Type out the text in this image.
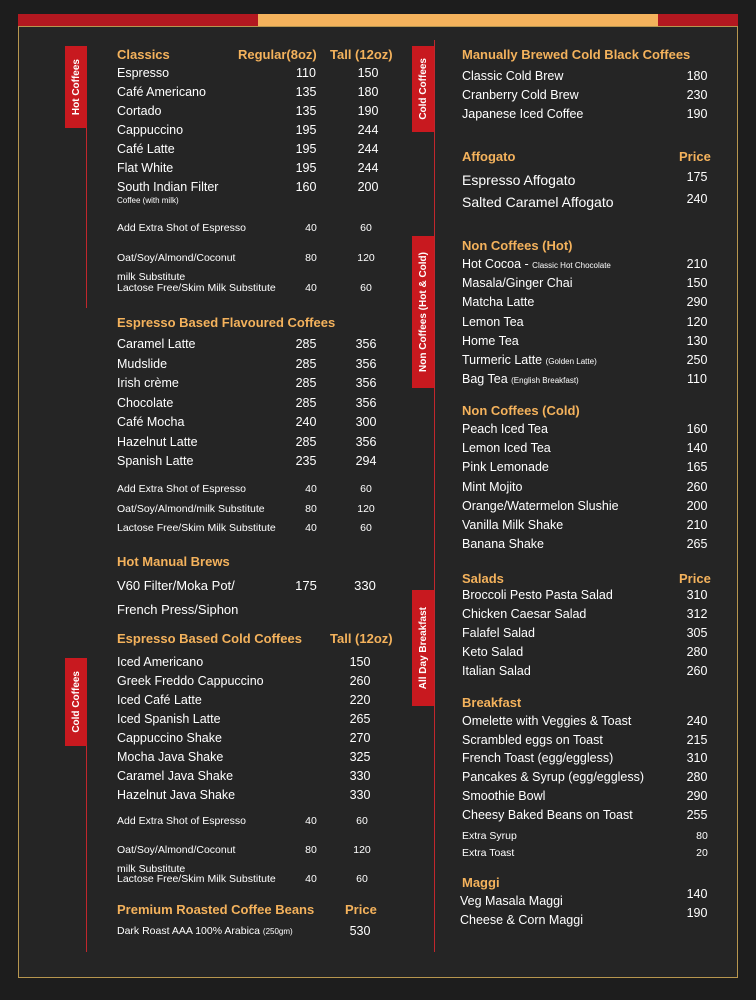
Hot Coffees
Cold Coffees
Cold Coffees
Non Coffees (Hot & Cold)
All Day Breakfast
Classics	Regular(8oz) Tall (12oz)
Espresso	110	150
Café Americano	135	180
Cortado	135	190
Cappuccino	195	244
Café Latte	195	244
Flat White	195	244
South Indian Filter
Coffee (with milk)
160	200
Add Extra Shot of Espresso	40	60
Oat/Soy/Almond/Coconut
milk Substitute
80	120
Lactose Free/Skim Milk Substitute	40	60
Espresso Based Flavoured Coffees
Caramel Latte	285	356
Mudslide	285	356
Irish crème	285	356
Chocolate	285	356
Café Mocha	240	300
Hazelnut Latte	285	356
Spanish Latte	235	294
Add Extra Shot of Espresso	40	60
Oat/Soy/Almond/milk Substitute	80	120
Lactose Free/Skim Milk Substitute	40	60
Hot Manual Brews
V60 Filter/Moka Pot/
French Press/Siphon
175	330
Espresso Based Cold Coffees Tall (12oz)
Iced Americano	150
Greek Freddo Cappuccino	260
Iced Café Latte	220
Iced Spanish Latte	265
Cappuccino Shake	270
Mocha Java Shake	325
Caramel Java Shake	330
Hazelnut Java Shake	330
Add Extra Shot of Espresso	40	60
Oat/Soy/Almond/Coconut
milk Substitute
80	120
Lactose Free/Skim Milk Substitute	40	60
Premium Roasted Coffee Beans Price
Dark Roast AAA 100% Arabica (250gm)	530
Manually Brewed Cold Black Coffees
Classic Cold Brew	180
Cranberry Cold Brew	230
Japanese Iced Coffee	190
Affogato	Price
Espresso Affogato	175
Salted Caramel Affogato	240
Non Coffees (Hot)
Hot Cocoa - Classic Hot Chocolate	210
Masala/Ginger Chai	150
Matcha Latte	290
Lemon Tea	120
Home Tea	130
Turmeric Latte (Golden Latte)	250
Bag Tea (English Breakfast)	110
Non Coffees (Cold)
Peach Iced Tea	160
Lemon Iced Tea	140
Pink Lemonade	165
Mint Mojito	260
Orange/Watermelon Slushie	200
Vanilla Milk Shake	210
Banana Shake	265
Salads	Price
Broccoli Pesto Pasta Salad	310
Chicken Caesar Salad	312
Falafel Salad	305
Keto Salad	280
Italian Salad	260
Breakfast
Omelette with Veggies & Toast	240
Scrambled eggs on Toast	215
French Toast (egg/eggless)	310
Pancakes & Syrup (egg/eggless)	280
Smoothie Bowl	290
Cheesy Baked Beans on Toast	255
Extra Syrup	80
Extra Toast	20
Maggi
Veg Masala Maggi	140
Cheese & Corn Maggi	190
